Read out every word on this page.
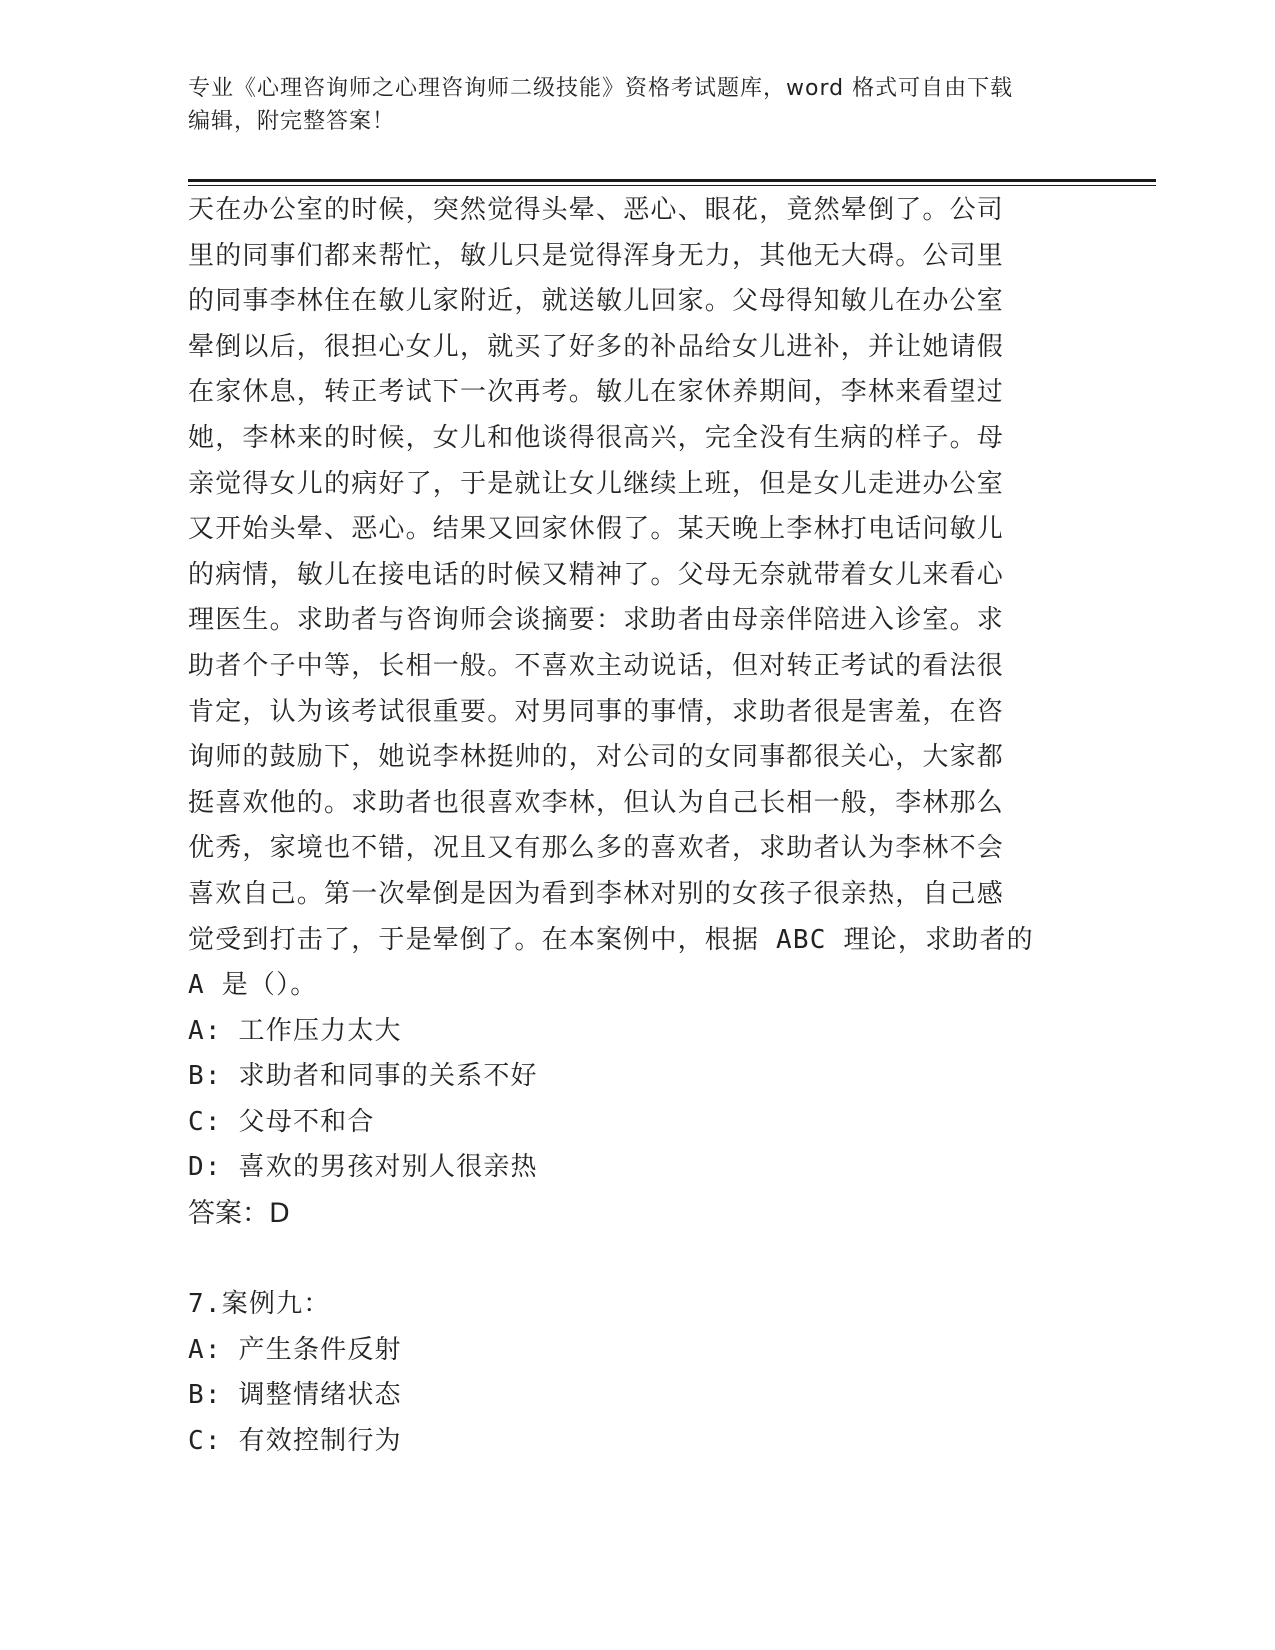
专业《心理咨询师之心理咨询师二级技能》资格考试题库，word 格式可自由下载
编辑，附完整答案！
天在办公室的时候，突然觉得头晕、恶心、眼花，竟然晕倒了。公司
里的同事们都来帮忙，敏儿只是觉得浑身无力，其他无大碍。公司里
的同事李林住在敏儿家附近，就送敏儿回家。父母得知敏儿在办公室
晕倒以后，很担心女儿，就买了好多的补品给女儿进补，并让她请假
在家休息，转正考试下一次再考。敏儿在家休养期间，李林来看望过
她，李林来的时候，女儿和他谈得很高兴，完全没有生病的样子。母
亲觉得女儿的病好了，于是就让女儿继续上班，但是女儿走进办公室
又开始头晕、恶心。结果又回家休假了。某天晚上李林打电话问敏儿
的病情，敏儿在接电话的时候又精神了。父母无奈就带着女儿来看心
理医生。求助者与咨询师会谈摘要：求助者由母亲伴陪进入诊室。求
助者个子中等，长相一般。不喜欢主动说话，但对转正考试的看法很
肯定，认为该考试很重要。对男同事的事情，求助者很是害羞，在咨
询师的鼓励下，她说李林挺帅的，对公司的女同事都很关心，大家都
挺喜欢他的。求助者也很喜欢李林，但认为自己长相一般，李林那么
优秀，家境也不错，况且又有那么多的喜欢者，求助者认为李林不会
喜欢自己。第一次晕倒是因为看到李林对别的女孩子很亲热，自己感
觉受到打击了，于是晕倒了。在本案例中，根据 ABC 理论，求助者的
A 是（）。
A: 工作压力太大
B: 求助者和同事的关系不好
C: 父母不和合
D: 喜欢的男孩对别人很亲热
答案：D
7.案例九：
A: 产生条件反射
B: 调整情绪状态
C: 有效控制行为
